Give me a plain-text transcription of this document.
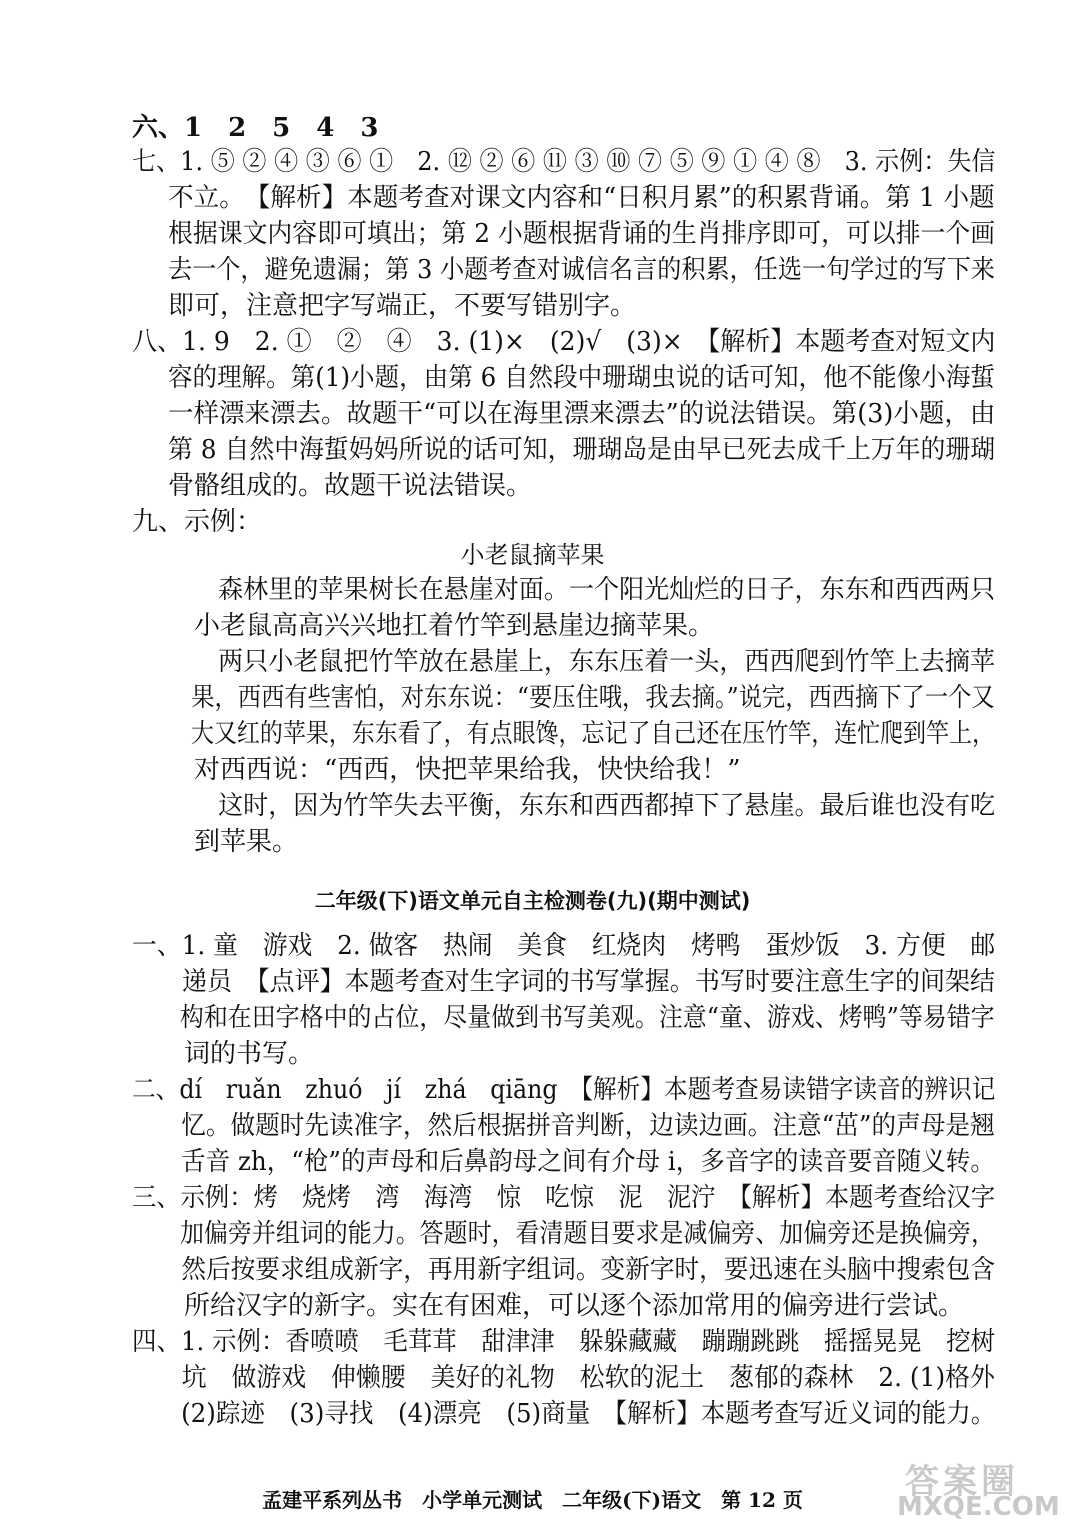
六、1　2　5　4　3
七、1. ⑤ ② ④ ③ ⑥ ①　2. ⑫ ② ⑥ ⑪ ③ ⑩ ⑦ ⑤ ⑨ ① ④ ⑧　3. 示例：失信
不立。　【解析】本题考查对课文内容和“日积月累”的积累背诵。第 1 小题
根据课文内容即可填出；第 2 小题根据背诵的生肖排序即可，可以排一个画
去一个，避免遗漏；第 3 小题考查对诚信名言的积累，任选一句学过的写下来
即可，注意把字写端正，不要写错别字。
八、1. 9　2. ①　②　④　3. (1)×　(2)√　(3)×　【解析】本题考查对短文内
容的理解。第(1)小题，由第 6 自然段中珊瑚虫说的话可知，他不能像小海蜇
一样漂来漂去。故题干“可以在海里漂来漂去”的说法错误。第(3)小题，由
第 8 自然中海蜇妈妈所说的话可知，珊瑚岛是由早已死去成千上万年的珊瑚
骨骼组成的。故题干说法错误。
九、示例：
小老鼠摘苹果
　　森林里的苹果树长在悬崖对面。一个阳光灿烂的日子，东东和西西两只
　小老鼠高高兴兴地扛着竹竿到悬崖边摘苹果。
　　两只小老鼠把竹竿放在悬崖上，东东压着一头，西西爬到竹竿上去摘苹
　果，西西有些害怕，对东东说：“要压住哦，我去摘。”说完，西西摘下了一个又
　大又红的苹果，东东看了，有点眼馋，忘记了自己还在压竹竿，连忙爬到竿上，
　对西西说：“西西，快把苹果给我，快快给我！”
　　这时，因为竹竿失去平衡，东东和西西都掉下了悬崖。最后谁也没有吃
　到苹果。
二年级(下)语文单元自主检测卷(九)(期中测试)
一、1. 童　游戏　2. 做客　热闹　美食　红烧肉　烤鸭　蛋炒饭　3. 方便　邮
　　递员　【点评】本题考查对生字词的书写掌握。书写时要注意生字的间架结
　　构和在田字格中的占位，尽量做到书写美观。注意“童、游戏、烤鸭”等易错字
　　词的书写。
二、dí　ruǎn　zhuó　jí　zhá　qiāng　【解析】本题考查易读错字读音的辨识记
　　忆。做题时先读准字，然后根据拼音判断，边读边画。注意“茁”的声母是翘
　　舌音 zh，“枪”的声母和后鼻韵母之间有介母 i，多音字的读音要音随义转。
三、示例：烤　烧烤　湾　海湾　惊　吃惊　泥　泥泞　【解析】本题考查给汉字
　　加偏旁并组词的能力。答题时，看清题目要求是减偏旁、加偏旁还是换偏旁，
　　然后按要求组成新字，再用新字组词。变新字时，要迅速在头脑中搜索包含
　　所给汉字的新字。实在有困难，可以逐个添加常用的偏旁进行尝试。
四、1. 示例：香喷喷　毛茸茸　甜津津　躲躲藏藏　蹦蹦跳跳　摇摇晃晃　挖树
　　坑　做游戏　伸懒腰　美好的礼物　松软的泥土　葱郁的森林　2. (1)格外
　　(2)踪迹　(3)寻找　(4)漂亮　(5)商量　【解析】本题考查写近义词的能力。
孟建平系列丛书　小学单元测试　二年级(下)语文　第 12 页	答案圈
MXQE.COM
